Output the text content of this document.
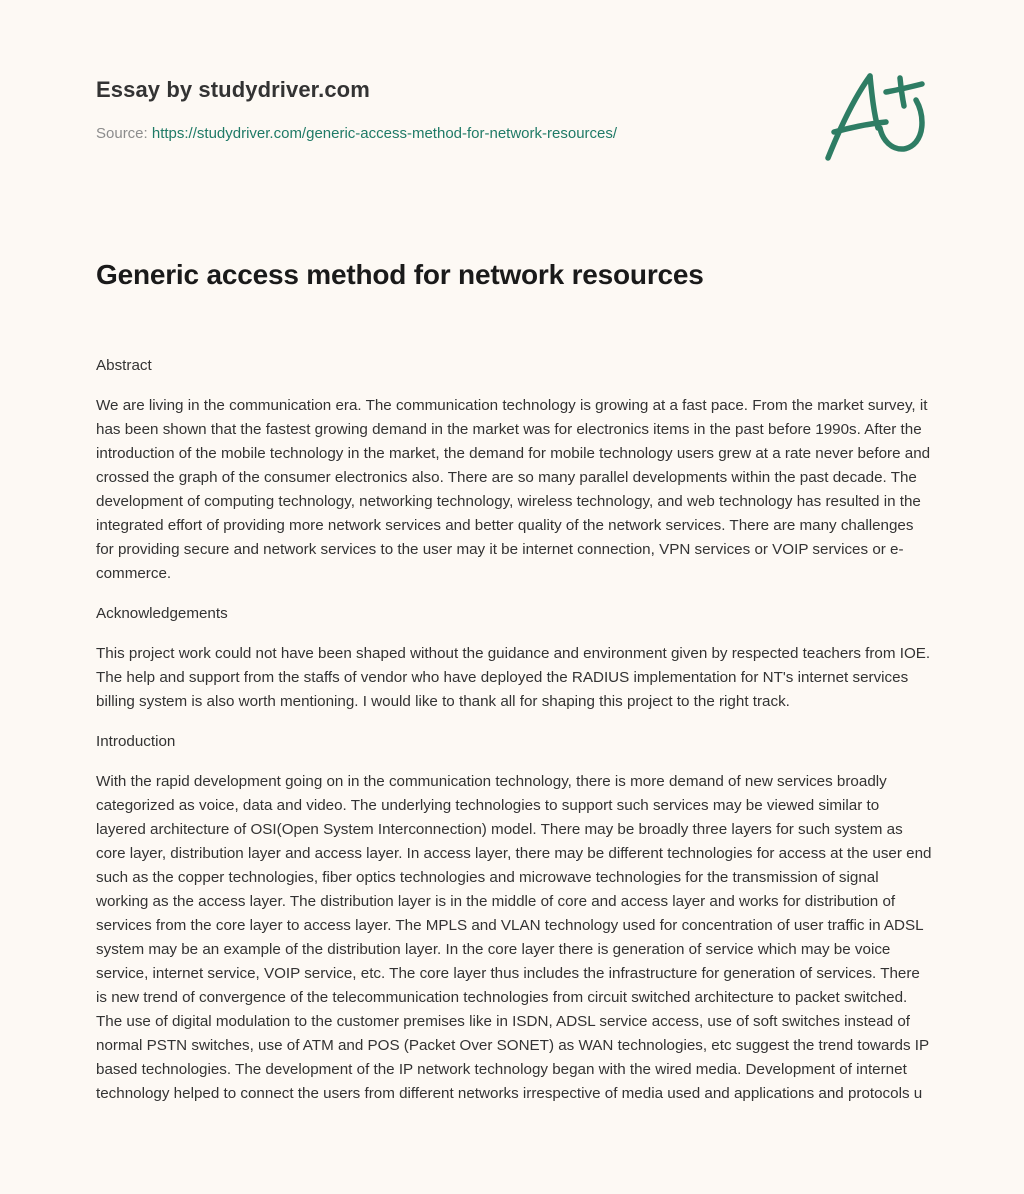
Essay by studydriver.com
Source: https://studydriver.com/generic-access-method-for-network-resources/
Generic access method for network resources
Abstract

We are living in the communication era. The communication technology is growing at a fast pace. From the market survey, it has been shown that the fastest growing demand in the market was for electronics items in the past before 1990s. After the introduction of the mobile technology in the market, the demand for mobile technology users grew at a rate never before and crossed the graph of the consumer electronics also. There are so many parallel developments within the past decade. The development of computing technology, networking technology, wireless technology, and web technology has resulted in the integrated effort of providing more network services and better quality of the network services. There are many challenges for providing secure and network services to the user may it be internet connection, VPN services or VOIP services or e-commerce.

Acknowledgements

This project work could not have been shaped without the guidance and environment given by respected teachers from IOE. The help and support from the staffs of vendor who have deployed the RADIUS implementation for NT's internet services billing system is also worth mentioning. I would like to thank all for shaping this project to the right track.

Introduction

With the rapid development going on in the communication technology, there is more demand of new services broadly categorized as voice, data and video. The underlying technologies to support such services may be viewed similar to layered architecture of OSI(Open System Interconnection) model. There may be broadly three layers for such system as core layer, distribution layer and access layer. In access layer, there may be different technologies for access at the user end such as the copper technologies, fiber optics technologies and microwave technologies for the transmission of signal working as the access layer. The distribution layer is in the middle of core and access layer and works for distribution of services from the core layer to access layer. The MPLS and VLAN technology used for concentration of user traffic in ADSL system may be an example of the distribution layer. In the core layer there is generation of service which may be voice service, internet service, VOIP service, etc. The core layer thus includes the infrastructure for generation of services. There is new trend of convergence of the telecommunication technologies from circuit switched architecture to packet switched. The use of digital modulation to the customer premises like in ISDN, ADSL service access, use of soft switches instead of normal PSTN switches, use of ATM and POS (Packet Over SONET) as WAN technologies, etc suggest the trend towards IP based technologies. The development of the IP network technology began with the wired media. Development of internet technology helped to connect the users from different networks irrespective of media used and applications and protocols u
